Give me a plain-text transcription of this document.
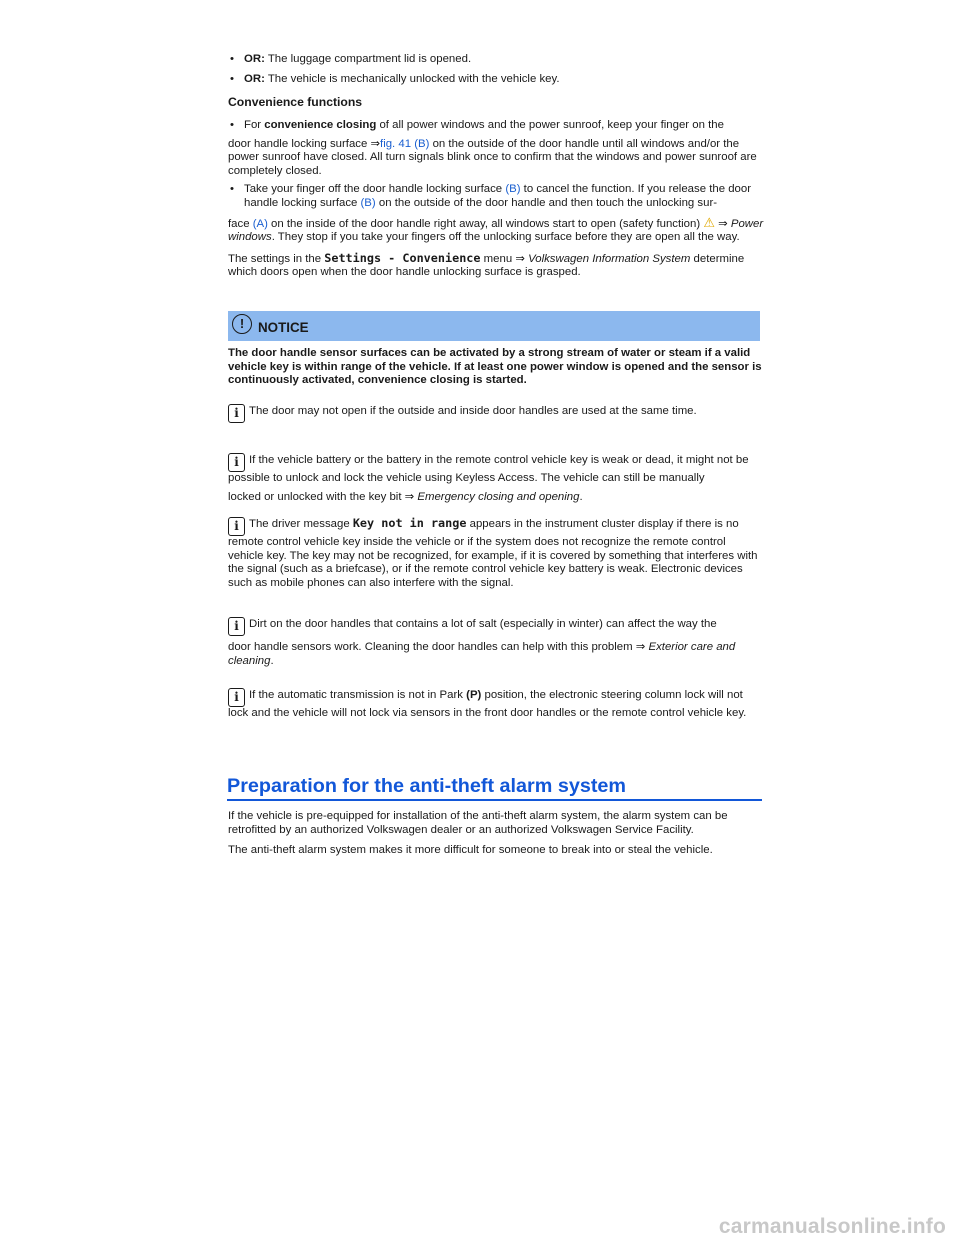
• OR: The luggage compartment lid is opened.

• OR: The vehicle is mechanically unlocked with the vehicle key.

Convenience functions

• For convenience closing of all power windows and the power sunroof, keep your finger on the

door handle locking surface ⇒fig. 41 (B) on the outside of the door handle until all windows and/or the power sunroof have closed. All turn signals blink once to confirm that the windows and power sunroof are completely closed.

• Take your finger off the door handle locking surface (B) to cancel the function. If you release the door handle locking surface (B) on the outside of the door handle and then touch the unlocking sur-

face (A) on the inside of the door handle right away, all windows start to open (safety function) ⚠ ⇒ Power windows. They stop if you take your fingers off the unlocking surface before they are open all the way.

The settings in the Settings - Convenience menu ⇒ Volkswagen Information System determine which doors open when the door handle unlocking surface is grasped.

!	NOTICE
The door handle sensor surfaces can be activated by a strong stream of water or steam if a valid vehicle key is within range of the vehicle. If at least one power window is opened and the sensor is continuously activated, convenience closing is started.

i The door may not open if the outside and inside door handles are used at the same time.

i If the vehicle battery or the battery in the remote control vehicle key is weak or dead, it might not be possible to unlock and lock the vehicle using Keyless Access. The vehicle can still be manually

locked or unlocked with the key bit ⇒ Emergency closing and opening.

i The driver message Key not in range appears in the instrument cluster display if there is no remote control vehicle key inside the vehicle or if the system does not recognize the remote control vehicle key. The key may not be recognized, for example, if it is covered by something that interferes with the signal (such as a briefcase), or if the remote control vehicle key battery is weak. Electronic devices such as mobile phones can also interfere with the signal.

i Dirt on the door handles that contains a lot of salt (especially in winter) can affect the way the

door handle sensors work. Cleaning the door handles can help with this problem ⇒ Exterior care and cleaning.

i If the automatic transmission is not in Park (P) position, the electronic steering column lock will not lock and the vehicle will not lock via sensors in the front door handles or the remote control vehicle key.

Preparation for the anti-theft alarm system

If the vehicle is pre-equipped for installation of the anti-theft alarm system, the alarm system can be retrofitted by an authorized Volkswagen dealer or an authorized Volkswagen Service Facility.

The anti-theft alarm system makes it more difficult for someone to break into or steal the vehicle.

carmanualsonline.info
